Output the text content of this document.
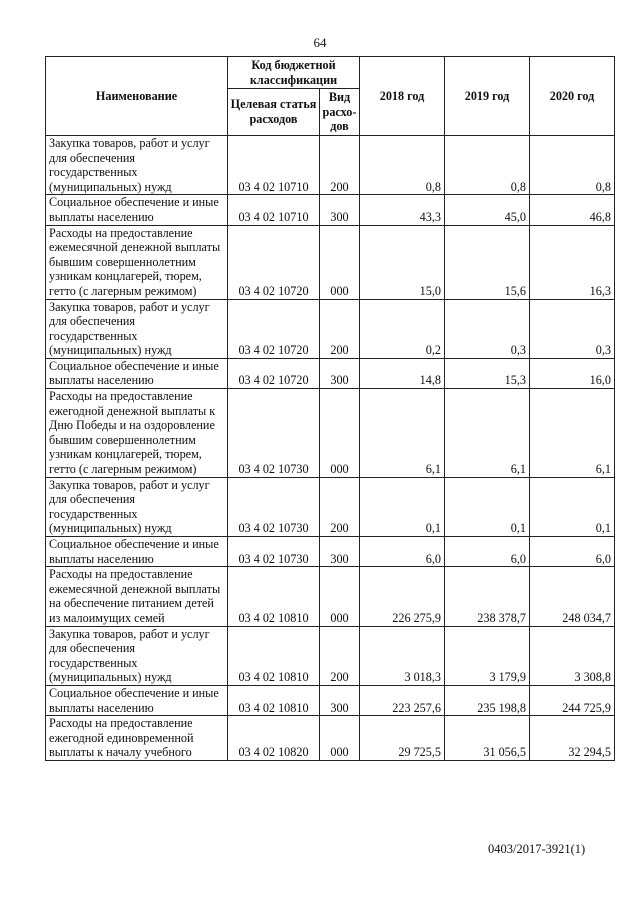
64
Наименование	Код бюджетной классификации		2018 год	2019 год	2020 год
	Целевая статья расходов	Вид расхо-дов			
Закупка товаров, работ и услуг для обеспечения государственных (муниципальных) нужд	03 4 02 10710	200	0,8	0,8	0,8
Социальное обеспечение и иные выплаты населению	03 4 02 10710	300	43,3	45,0	46,8
Расходы на предоставление ежемесячной денежной выплаты бывшим совершеннолетним узникам концлагерей, тюрем, гетто (с лагерным режимом)	03 4 02 10720	000	15,0	15,6	16,3
Закупка товаров, работ и услуг для обеспечения государственных (муниципальных) нужд	03 4 02 10720	200	0,2	0,3	0,3
Социальное обеспечение и иные выплаты населению	03 4 02 10720	300	14,8	15,3	16,0
Расходы на предоставление ежегодной денежной выплаты к Дню Победы и на оздоровление бывшим совершеннолетним узникам концлагерей, тюрем, гетто (с лагерным режимом)	03 4 02 10730	000	6,1	6,1	6,1
Закупка товаров, работ и услуг для обеспечения государственных (муниципальных) нужд	03 4 02 10730	200	0,1	0,1	0,1
Социальное обеспечение и иные выплаты населению	03 4 02 10730	300	6,0	6,0	6,0
Расходы на предоставление ежемесячной денежной выплаты на обеспечение питанием детей из малоимущих семей	03 4 02 10810	000	226 275,9	238 378,7	248 034,7
Закупка товаров, работ и услуг для обеспечения государственных (муниципальных) нужд	03 4 02 10810	200	3 018,3	3 179,9	3 308,8
Социальное обеспечение и иные выплаты населению	03 4 02 10810	300	223 257,6	235 198,8	244 725,9
Расходы на предоставление ежегодной единовременной выплаты к началу учебного	03 4 02 10820	000	29 725,5	31 056,5	32 294,5
0403/2017-3921(1)
